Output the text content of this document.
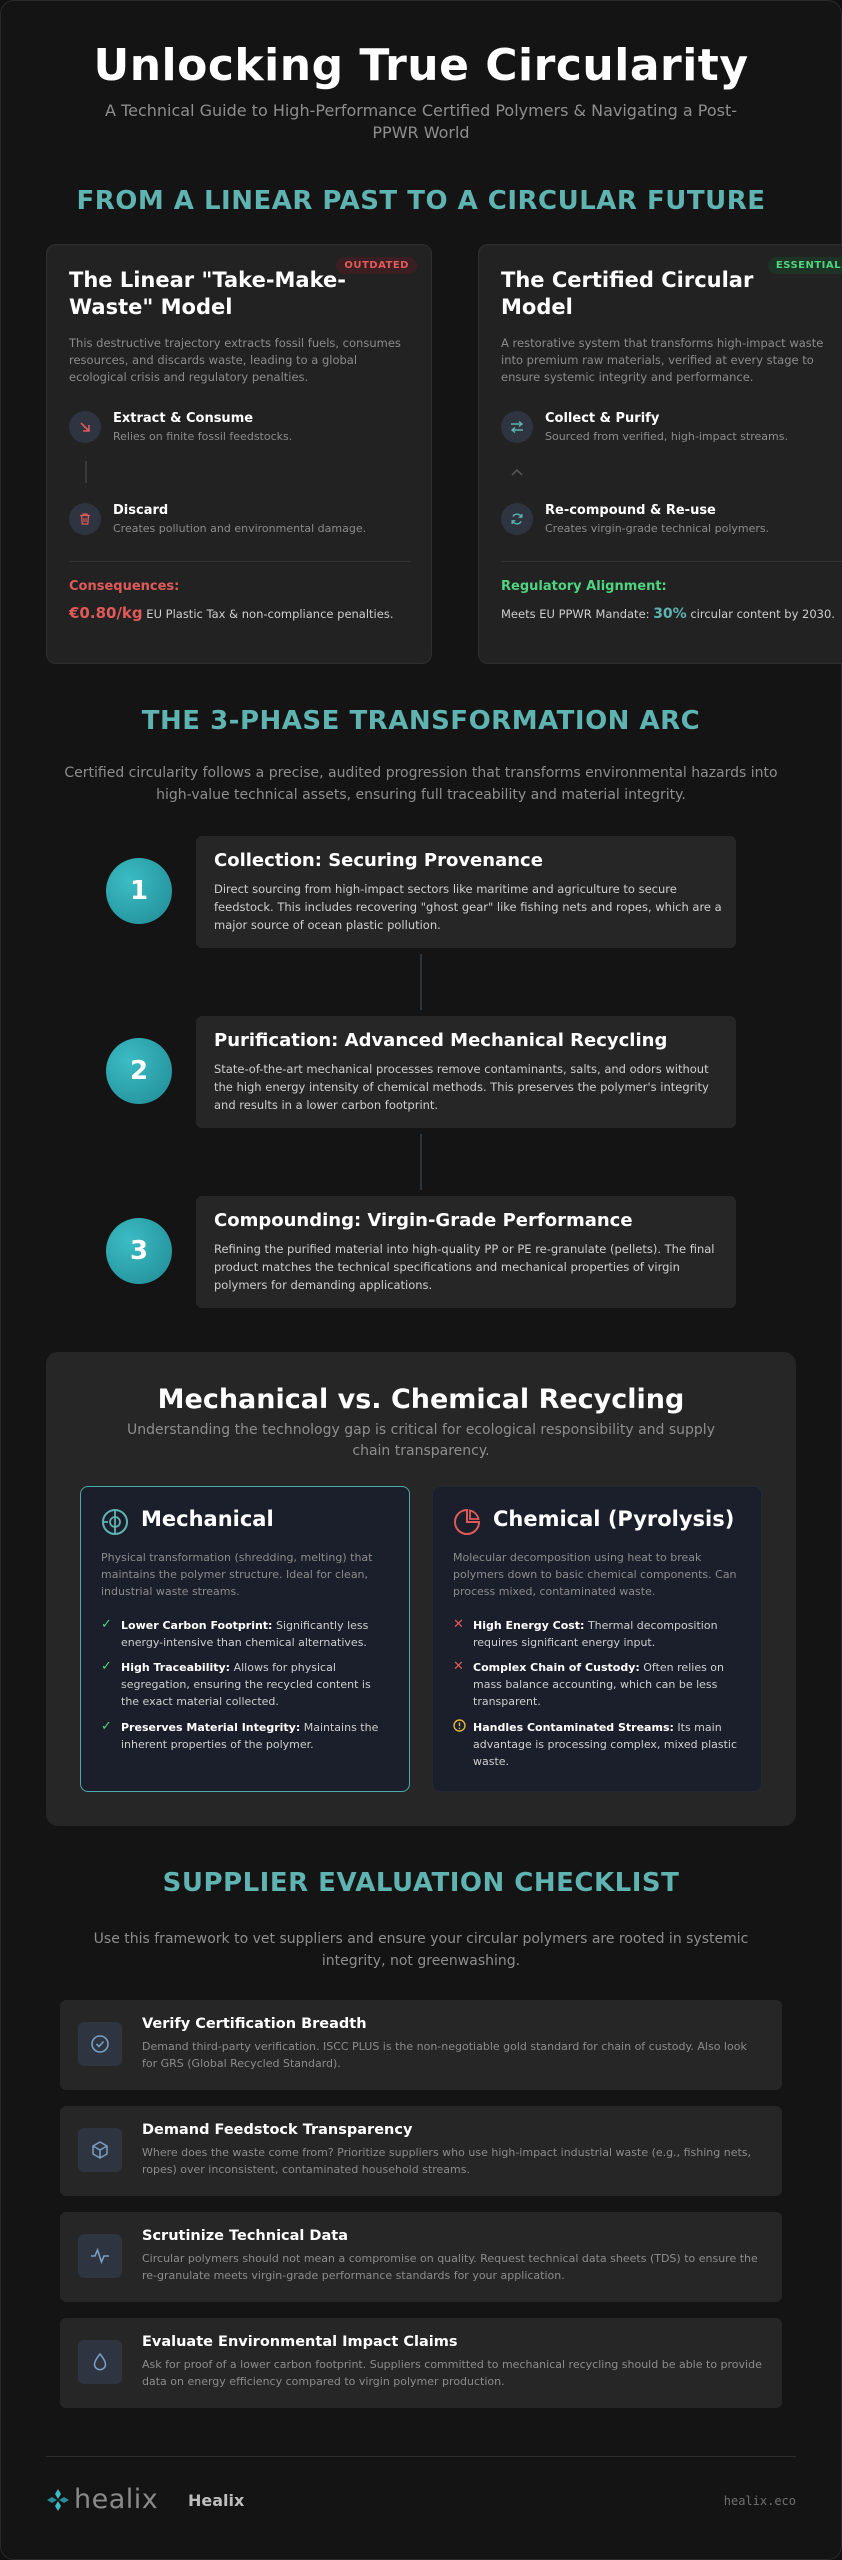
Unlocking True Circularity
A Technical Guide to High-Performance Certified Polymers & Navigating a Post-PPWR World
FROM A LINEAR PAST TO A CIRCULAR FUTURE
OUTDATED
The Linear "Take-Make-Waste" Model
This destructive trajectory extracts fossil fuels, consumes resources, and discards waste, leading to a global ecological crisis and regulatory penalties.
Extract & Consume
Relies on finite fossil feedstocks.
Discard
Creates pollution and environmental damage.
Consequences:
€0.80/kg EU Plastic Tax & non-compliance penalties.
ESSENTIAL
The Certified Circular Model
A restorative system that transforms high-impact waste into premium raw materials, verified at every stage to ensure systemic integrity and performance.
Collect & Purify
Sourced from verified, high-impact streams.
Re-compound & Re-use
Creates virgin-grade technical polymers.
Regulatory Alignment:
Meets EU PPWR Mandate: 30% circular content by 2030.
THE 3-PHASE TRANSFORMATION ARC
Certified circularity follows a precise, audited progression that transforms environmental hazards into high-value technical assets, ensuring full traceability and material integrity.
1
Collection: Securing Provenance
Direct sourcing from high-impact sectors like maritime and agriculture to secure feedstock. This includes recovering "ghost gear" like fishing nets and ropes, which are a major source of ocean plastic pollution.
2
Purification: Advanced Mechanical Recycling
State-of-the-art mechanical processes remove contaminants, salts, and odors without the high energy intensity of chemical methods. This preserves the polymer's integrity and results in a lower carbon footprint.
3
Compounding: Virgin-Grade Performance
Refining the purified material into high-quality PP or PE re-granulate (pellets). The final product matches the technical specifications and mechanical properties of virgin polymers for demanding applications.
Mechanical vs. Chemical Recycling
Understanding the technology gap is critical for ecological responsibility and supply chain transparency.
Mechanical
Physical transformation (shredding, melting) that maintains the polymer structure. Ideal for clean, industrial waste streams.
✓ Lower Carbon Footprint: Significantly less energy-intensive than chemical alternatives.
✓ High Traceability: Allows for physical segregation, ensuring the recycled content is the exact material collected.
✓ Preserves Material Integrity: Maintains the inherent properties of the polymer.
Chemical (Pyrolysis)
Molecular decomposition using heat to break polymers down to basic chemical components. Can process mixed, contaminated waste.
✕ High Energy Cost: Thermal decomposition requires significant energy input.
✕ Complex Chain of Custody: Often relies on mass balance accounting, which can be less transparent.
Handles Contaminated Streams: Its main advantage is processing complex, mixed plastic waste.
SUPPLIER EVALUATION CHECKLIST
Use this framework to vet suppliers and ensure your circular polymers are rooted in systemic integrity, not greenwashing.
Verify Certification Breadth
Demand third-party verification. ISCC PLUS is the non-negotiable gold standard for chain of custody. Also look for GRS (Global Recycled Standard).
Demand Feedstock Transparency
Where does the waste come from? Prioritize suppliers who use high-impact industrial waste (e.g., fishing nets, ropes) over inconsistent, contaminated household streams.
Scrutinize Technical Data
Circular polymers should not mean a compromise on quality. Request technical data sheets (TDS) to ensure the re-granulate meets virgin-grade performance standards for your application.
Evaluate Environmental Impact Claims
Ask for proof of a lower carbon footprint. Suppliers committed to mechanical recycling should be able to provide data on energy efficiency compared to virgin polymer production.
healix Healix	healix.eco
